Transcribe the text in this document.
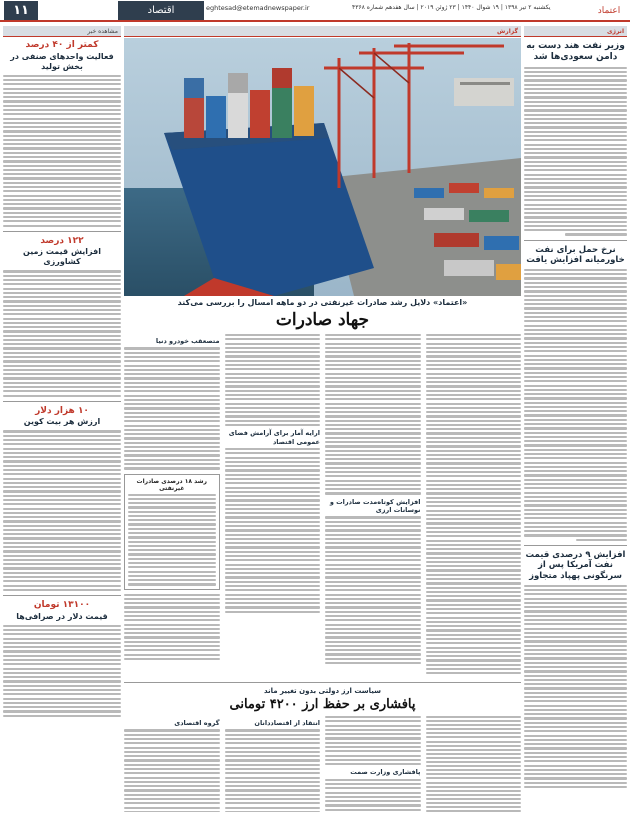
۱۱	اقتصاد	eghtesad@etemadnewspaper.ir	یکشنبه ۲ تیر ۱۳۹۸ | ۱۹ شوال ۱۴۴۰ | ۲۳ ژوئن ۲۰۱۹ | سال هفدهم شماره ۴۳۶۸	اعتماد
انرژی
وزیر نفت هند دست به دامن سعودی‌ها شد
نرخ حمل برای نفت خاورمیانه افزایش یافت
افزایش ۹ درصدی قیمت نفت آمریکا پس از سرنگونی پهپاد متجاوز
گزارش
«اعتماد» دلایل رشد صادرات غیرنفتی در دو ماهه امسال را بررسی می‌کند
جهاد صادرات
افزایش کوتاه‌مدت صادرات و نوسانات ارزی
ارایه آمار برای آرامش فضای عمومی اقتصاد
متصعقب خودرو دنیا
رشد ۱۸ درصدی صادرات غیرنفتی
سیاست ارز دولتی بدون تغییر ماند
پافشاری بر حفظ ارز ۴۲۰۰ تومانی
پافشاری وزارت صمت
انتقاد از اقتصاددانان
گروه اقتصادی
مشاهده خبر
کمتر از ۴۰ درصد
فعالیت واحدهای صنفی در بخش تولید
۱۲۲ درصد
افزایش قیمت زمین کشاورزی
۱۰ هزار دلار
ارزش هر بیت کوین
۱۳۱۰۰ تومان
قیمت دلار در صرافی‌ها
